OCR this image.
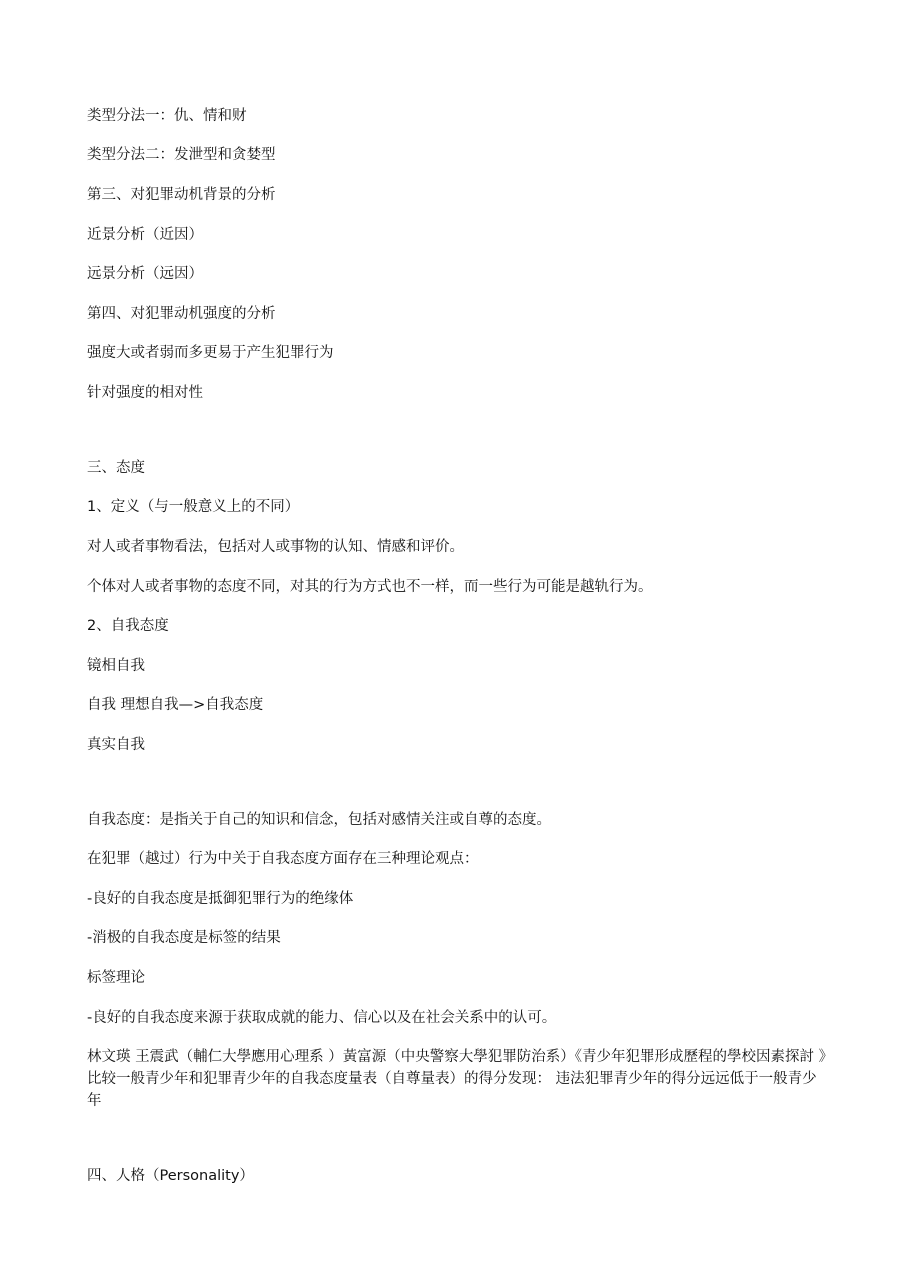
类型分法一：仇、情和财
类型分法二：发泄型和贪婪型
第三、对犯罪动机背景的分析
近景分析（近因）
远景分析（远因）
第四、对犯罪动机强度的分析
强度大或者弱而多更易于产生犯罪行为
针对强度的相对性
三、态度
1、定义（与一般意义上的不同）
对人或者事物看法，包括对人或事物的认知、情感和评价。
个体对人或者事物的态度不同，对其的行为方式也不一样，而一些行为可能是越轨行为。
2、自我态度
镜相自我
自我 理想自我—>自我态度
真实自我
自我态度：是指关于自己的知识和信念，包括对感情关注或自尊的态度。
在犯罪（越过）行为中关于自我态度方面存在三种理论观点：
-良好的自我态度是抵御犯罪行为的绝缘体
-消极的自我态度是标签的结果
标签理论
-良好的自我态度来源于获取成就的能力、信心以及在社会关系中的认可。
林文瑛 王震武（輔仁大學應用心理系 ）黃富源（中央警察大學犯罪防治系）《青少年犯罪形成歷程的學校因素探討 》比较一般青少年和犯罪青少年的自我态度量表（自尊量表）的得分发现： 违法犯罪青少年的得分远远低于一般青少年
四、人格（Personality）
